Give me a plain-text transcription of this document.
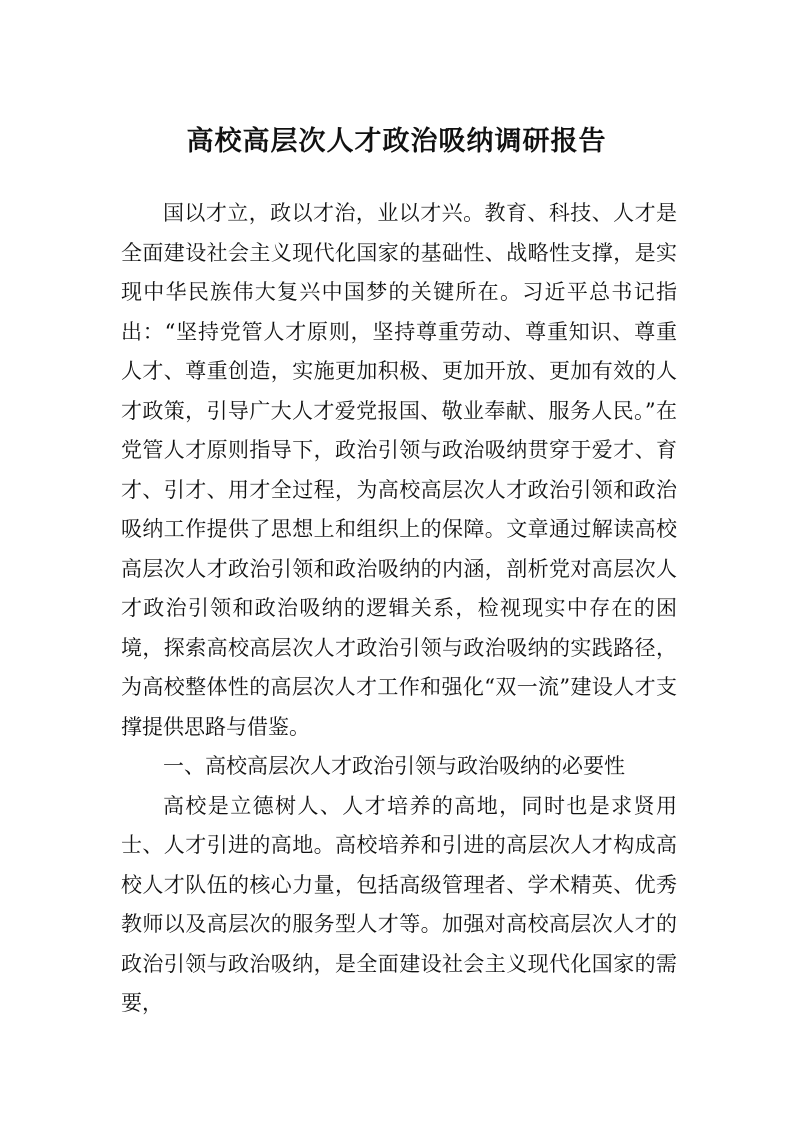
高校高层次人才政治吸纳调研报告

国以才立，政以才治，业以才兴。教育、科技、人才是全面建设社会主义现代化国家的基础性、战略性支撑，是实现中华民族伟大复兴中国梦的关键所在。习近平总书记指出：“坚持党管人才原则，坚持尊重劳动、尊重知识、尊重人才、尊重创造，实施更加积极、更加开放、更加有效的人才政策，引导广大人才爱党报国、敬业奉献、服务人民。”在党管人才原则指导下，政治引领与政治吸纳贯穿于爱才、育才、引才、用才全过程，为高校高层次人才政治引领和政治吸纳工作提供了思想上和组织上的保障。文章通过解读高校高层次人才政治引领和政治吸纳的内涵，剖析党对高层次人才政治引领和政治吸纳的逻辑关系，检视现实中存在的困境，探索高校高层次人才政治引领与政治吸纳的实践路径，为高校整体性的高层次人才工作和强化“双一流”建设人才支撑提供思路与借鉴。

一、高校高层次人才政治引领与政治吸纳的必要性

高校是立德树人、人才培养的高地，同时也是求贤用士、人才引进的高地。高校培养和引进的高层次人才构成高校人才队伍的核心力量，包括高级管理者、学术精英、优秀教师以及高层次的服务型人才等。加强对高校高层次人才的政治引领与政治吸纳，是全面建设社会主义现代化国家的需要，
